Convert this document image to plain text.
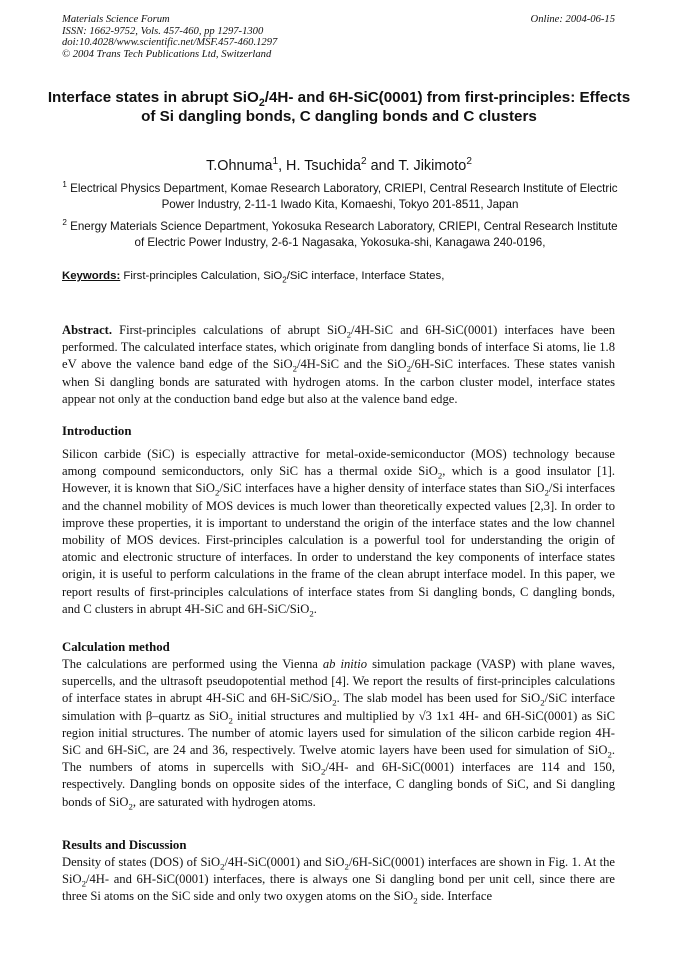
Materials Science Forum
ISSN: 1662-9752, Vols. 457-460, pp 1297-1300
doi:10.4028/www.scientific.net/MSF.457-460.1297
© 2004 Trans Tech Publications Ltd, Switzerland
Online: 2004-06-15
Interface states in abrupt SiO$_2$/4H- and 6H-SiC(0001) from first-principles: Effects of Si dangling bonds, C dangling bonds and C clusters
T.Ohnuma$^1$, H. Tsuchida$^2$ and T. Jikimoto$^2$
$^1$ Electrical Physics Department, Komae Research Laboratory, CRIEPI, Central Research Institute of Electric Power Industry, 2-11-1 Iwado Kita, Komaeshi, Tokyo 201-8511, Japan
$^2$ Energy Materials Science Department, Yokosuka Research Laboratory, CRIEPI, Central Research Institute of Electric Power Industry, 2-6-1 Nagasaka, Yokosuka-shi, Kanagawa 240-0196,
Keywords: First-principles Calculation, SiO$_2$/SiC interface, Interface States,
Abstract. First-principles calculations of abrupt SiO$_2$/4H-SiC and 6H-SiC(0001) interfaces have been performed. The calculated interface states, which originate from dangling bonds of interface Si atoms, lie 1.8 eV above the valence band edge of the SiO$_2$/4H-SiC and the SiO$_2$/6H-SiC interfaces. These states vanish when Si dangling bonds are saturated with hydrogen atoms. In the carbon cluster model, interface states appear not only at the conduction band edge but also at the valence band edge.
Introduction
Silicon carbide (SiC) is especially attractive for metal-oxide-semiconductor (MOS) technology because among compound semiconductors, only SiC has a thermal oxide SiO$_2$, which is a good insulator [1]. However, it is known that SiO$_2$/SiC interfaces have a higher density of interface states than SiO$_2$/Si interfaces and the channel mobility of MOS devices is much lower than theoretically expected values [2,3]. In order to improve these properties, it is important to understand the origin of the interface states and the low channel mobility of MOS devices. First-principles calculation is a powerful tool for understanding the origin of atomic and electronic structure of interfaces. In order to understand the key components of interface states origin, it is useful to perform calculations in the frame of the clean abrupt interface model. In this paper, we report results of first-principles calculations of interface states from Si dangling bonds, C dangling bonds, and C clusters in abrupt 4H-SiC and 6H-SiC/SiO$_2$.
Calculation method
The calculations are performed using the Vienna ab initio simulation package (VASP) with plane waves, supercells, and the ultrasoft pseudopotential method [4]. We report the results of first-principles calculations of interface states in abrupt 4H-SiC and 6H-SiC/SiO$_2$. The slab model has been used for SiO$_2$/SiC interface simulation with β–quartz as SiO$_2$ initial structures and multiplied by √3 1x1 4H- and 6H-SiC(0001) as SiC region initial structures. The number of atomic layers used for simulation of the silicon carbide region 4H-SiC and 6H-SiC, are 24 and 36, respectively. Twelve atomic layers have been used for simulation of SiO$_2$. The numbers of atoms in supercells with SiO$_2$/4H- and 6H-SiC(0001) interfaces are 114 and 150, respectively. Dangling bonds on opposite sides of the interface, C dangling bonds of SiC, and Si dangling bonds of SiO$_2$, are saturated with hydrogen atoms.
Results and Discussion
Density of states (DOS) of SiO$_2$/4H-SiC(0001) and SiO$_2$/6H-SiC(0001) interfaces are shown in Fig. 1. At the SiO$_2$/4H- and 6H-SiC(0001) interfaces, there is always one Si dangling bond per unit cell, since there are three Si atoms on the SiC side and only two oxygen atoms on the SiO$_2$ side. Interface
